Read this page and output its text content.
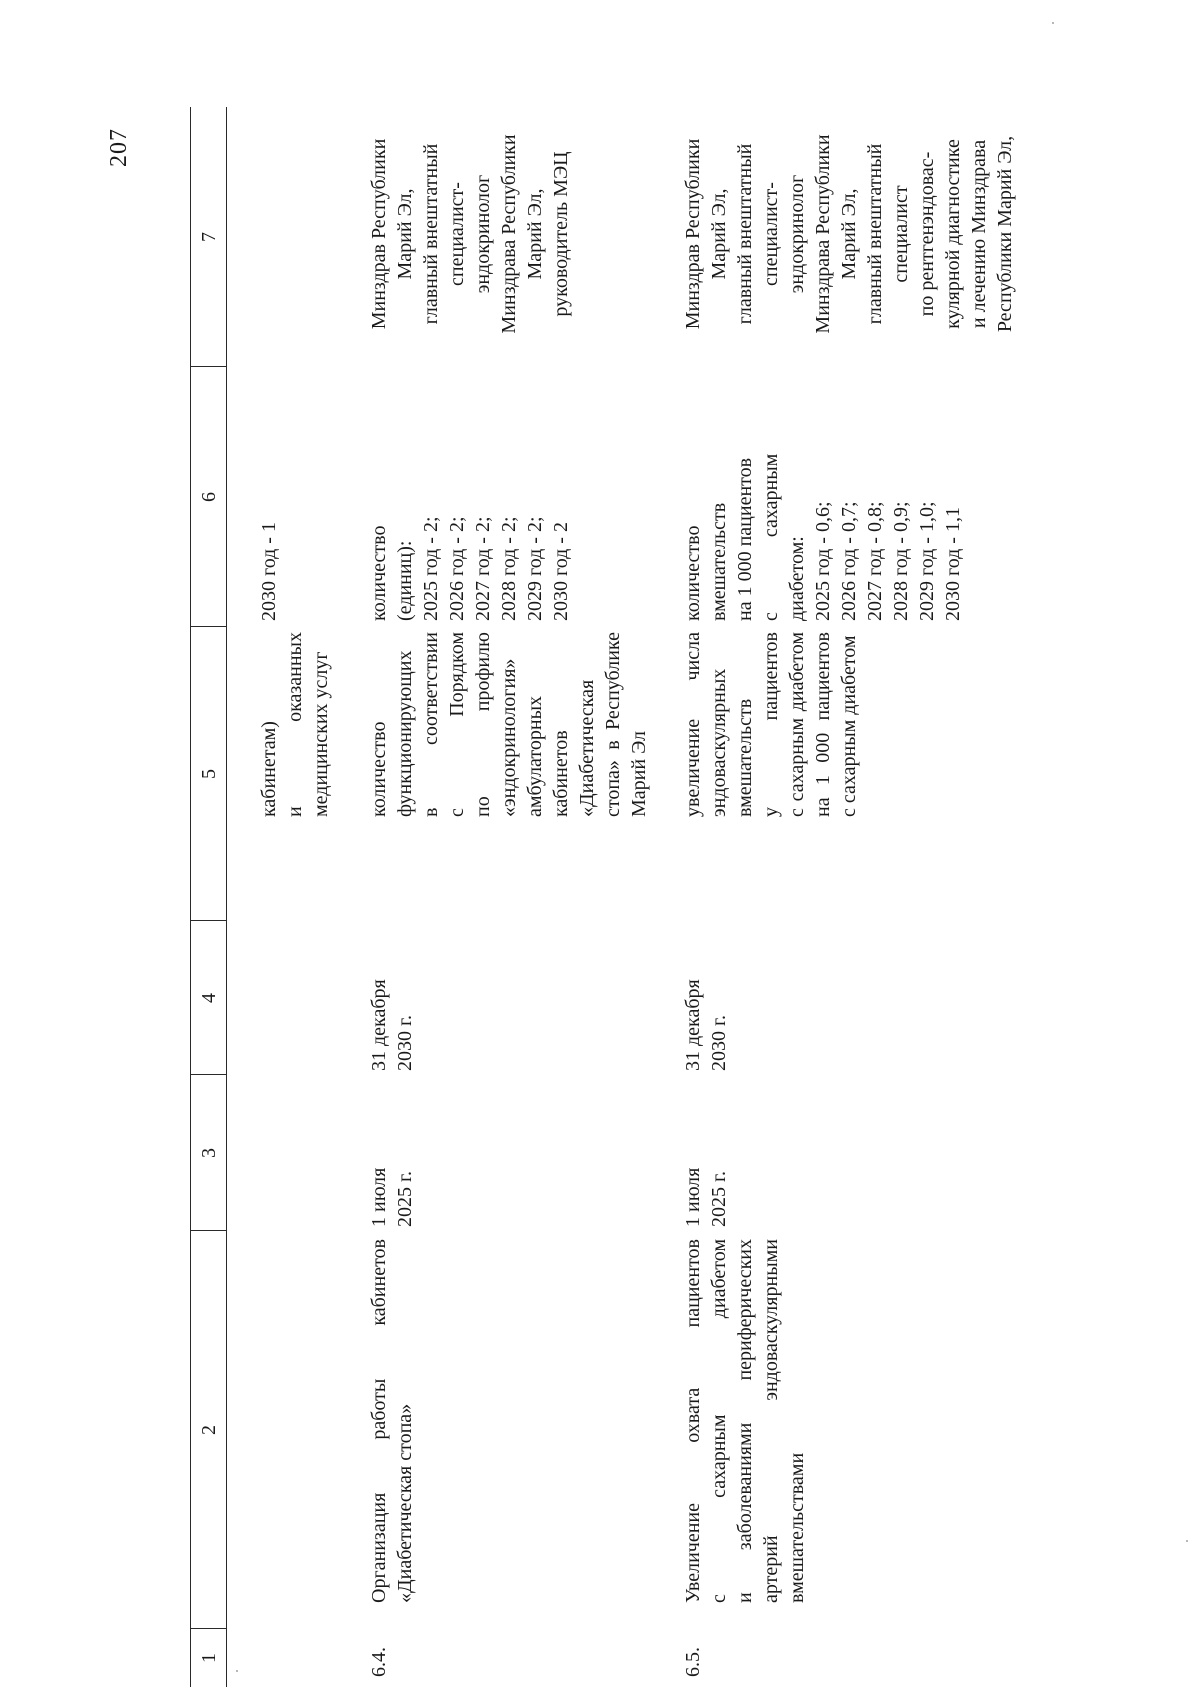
207
1
2
3
4
5
6
7
кабинетам) и оказанных медицинских услуг
2030 год - 1
6.4.
Организация работы кабинетов «Диабетическая стопа»
1 июля 2025 г.
31 декабря 2030 г.
количество функционирующих в соответствии с Порядком по профилю «эндокринология» амбулаторных кабинетов «Диабетическая стопа» в Республике Марий Эл
количество (единиц): 2025 год - 2; 2026 год - 2; 2027 год - 2; 2028 год - 2; 2029 год - 2; 2030 год - 2
Минздрав Республики Марий Эл, главный внештатный специалист- эндокринолог Минздрава Республики Марий Эл, руководитель МЭЦ
6.5.
Увеличение охвата пациентов с сахарным диабетом и заболеваниями периферических артерий эндоваскулярными вмешательствами
1 июля 2025 г.
31 декабря 2030 г.
увеличение числа эндоваскулярных вмешательств у пациентов с сахарным диабетом на 1 000 пациентов с сахарным диабетом
количество вмешательств на 1 000 пациентов с               сахарным диабетом: 2025 год - 0,6; 2026 год - 0,7; 2027 год - 0,8; 2028 год - 0,9; 2029 год - 1,0; 2030 год - 1,1
Минздрав Республики Марий Эл, главный внештатный специалист- эндокринолог Минздрава Республики Марий Эл, главный внештатный специалист по рентгенэндоваc- кулярной диагностике и лечению Минздрава Республики Марий Эл,
